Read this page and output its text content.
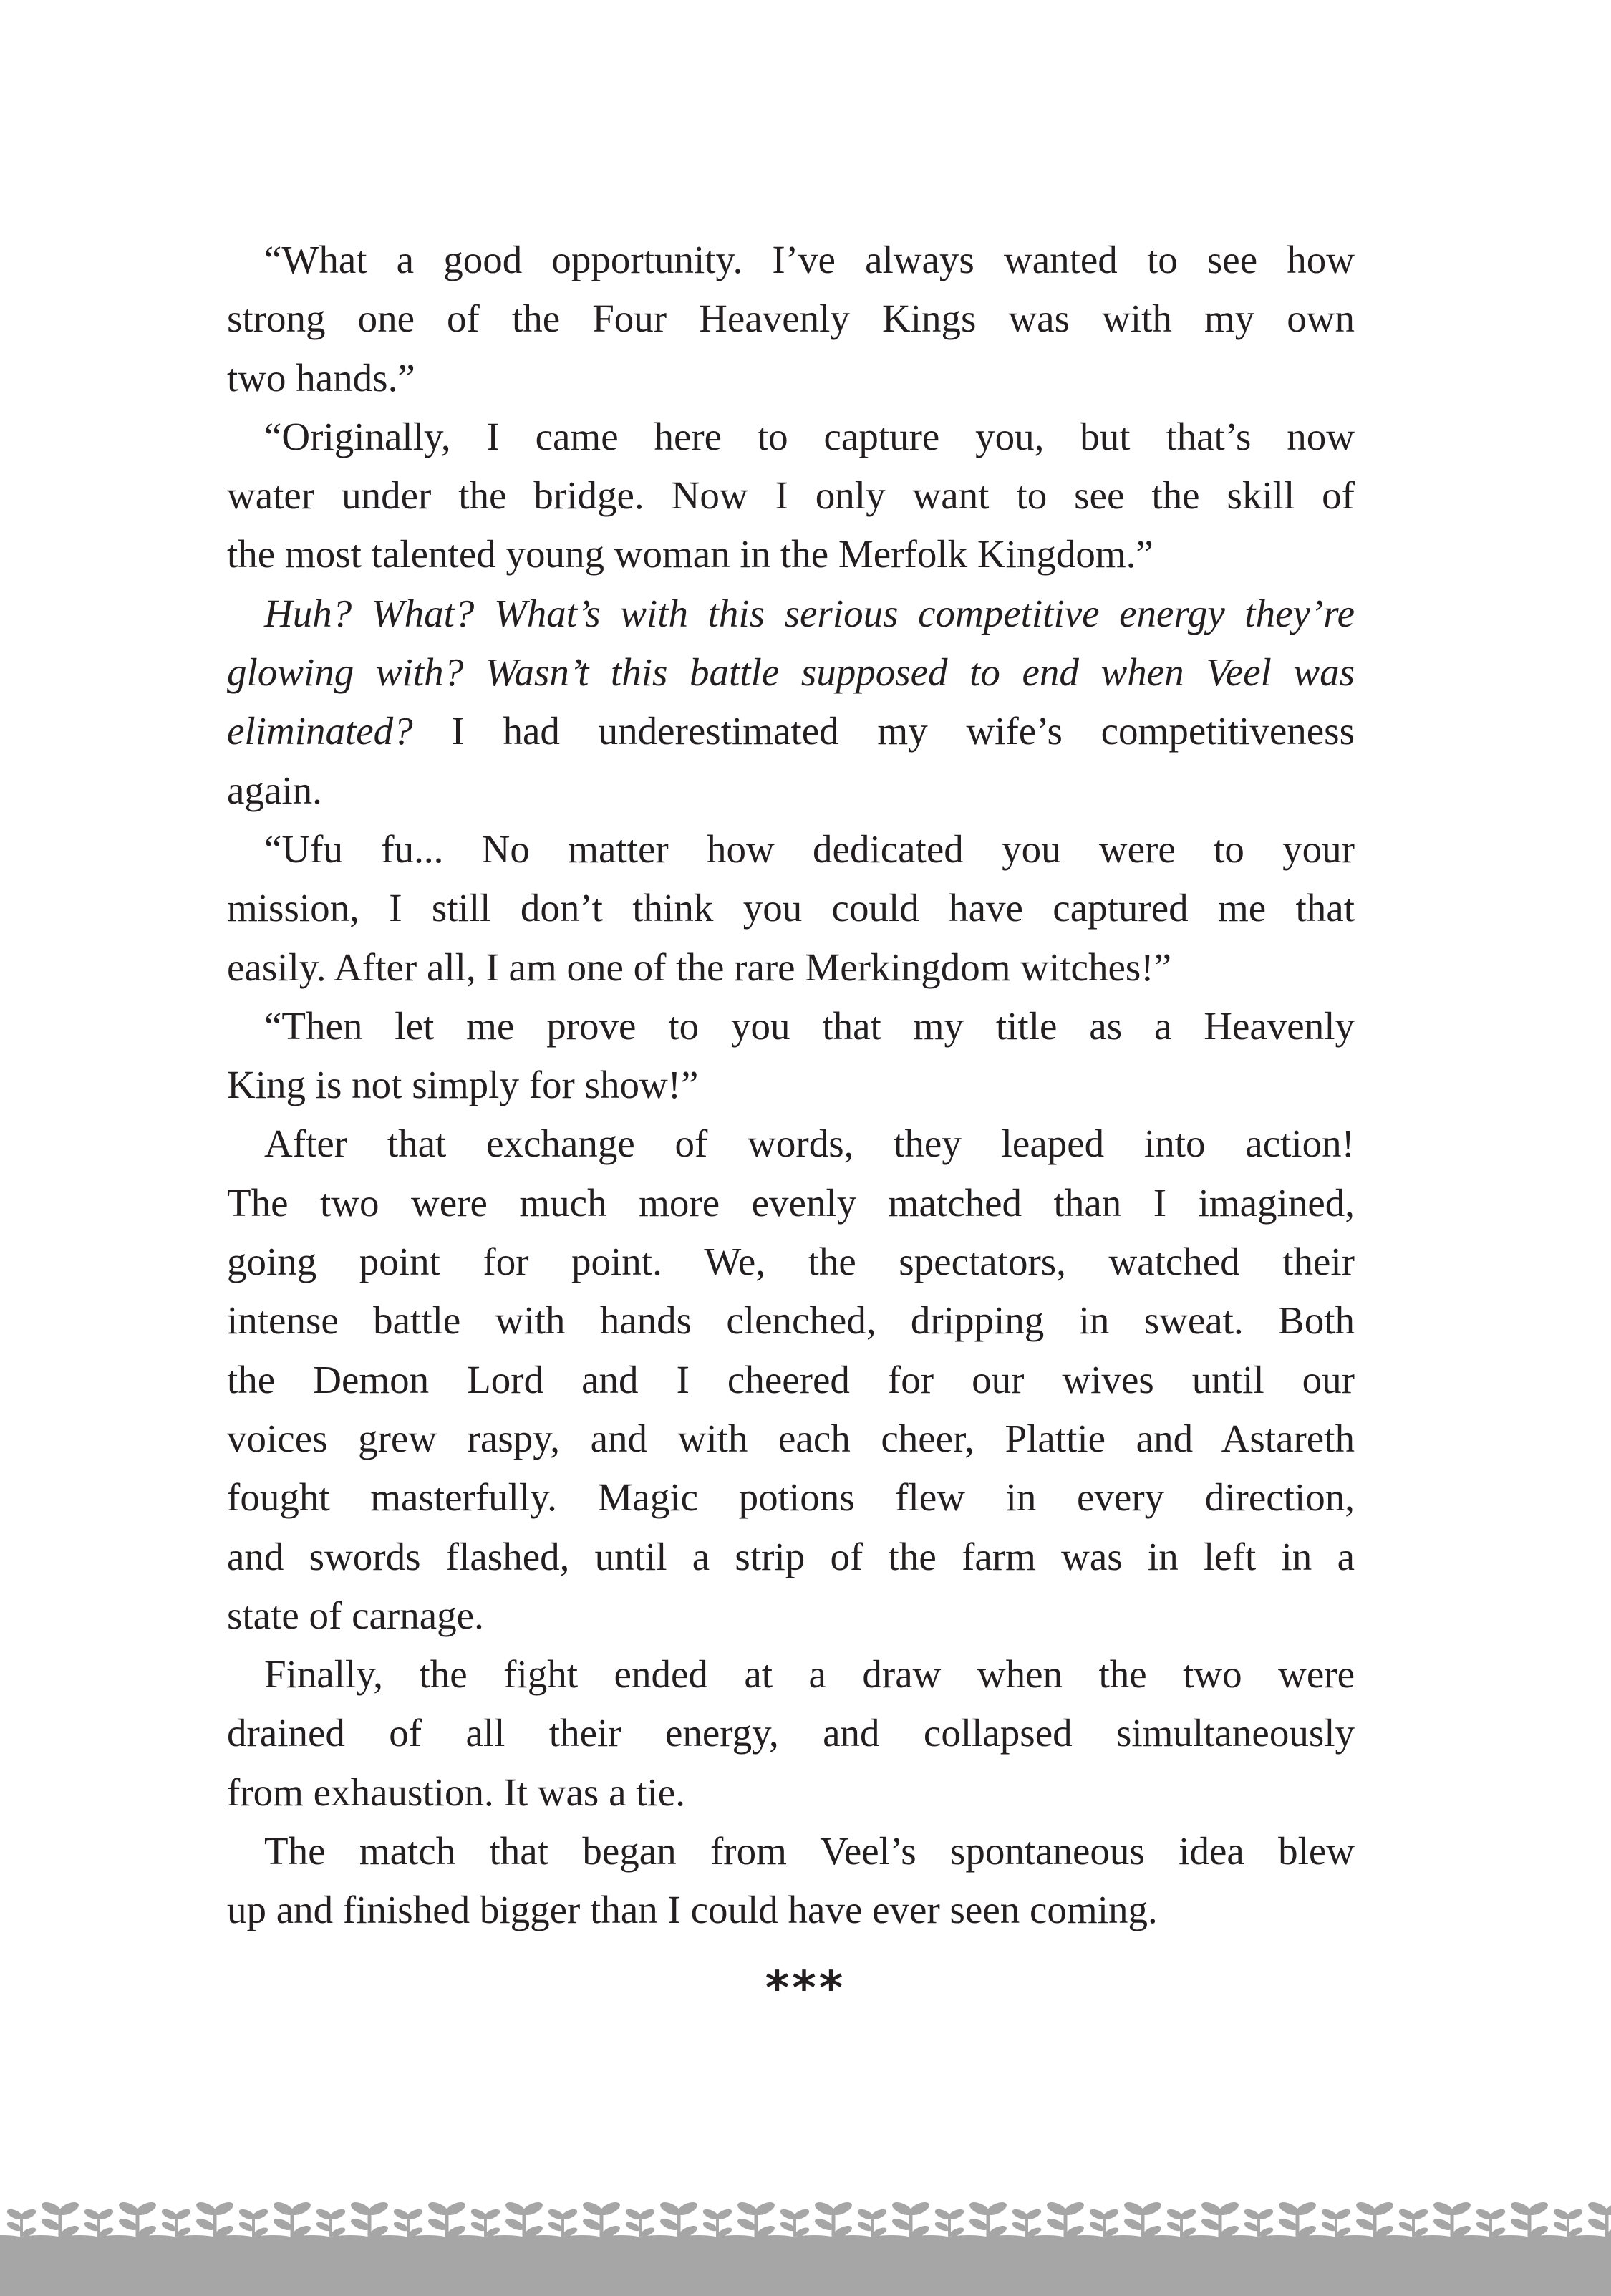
“What a good opportunity. I’ve always wanted to see how
strong one of the Four Heavenly Kings was with my own
two hands.”
“Originally, I came here to capture you, but that’s now
water under the bridge. Now I only want to see the skill of
the most talented young woman in the Merfolk Kingdom.”
Huh? What? What’s with this serious competitive energy they’re
glowing with? Wasn’t this battle supposed to end when Veel was
eliminated? I had underestimated my wife’s competitiveness
again.
“Ufu fu... No matter how dedicated you were to your
mission, I still don’t think you could have captured me that
easily. After all, I am one of the rare Merkingdom witches!”
“Then let me prove to you that my title as a Heavenly
King is not simply for show!”
After that exchange of words, they leaped into action!
The two were much more evenly matched than I imagined,
going point for point. We, the spectators, watched their
intense battle with hands clenched, dripping in sweat. Both
the Demon Lord and I cheered for our wives until our
voices grew raspy, and with each cheer, Plattie and Astareth
fought masterfully. Magic potions flew in every direction,
and swords flashed, until a strip of the farm was in left in a
state of carnage.
Finally, the fight ended at a draw when the two were
drained of all their energy, and collapsed simultaneously
from exhaustion. It was a tie.
The match that began from Veel’s spontaneous idea blew
up and finished bigger than I could have ever seen coming.
***
